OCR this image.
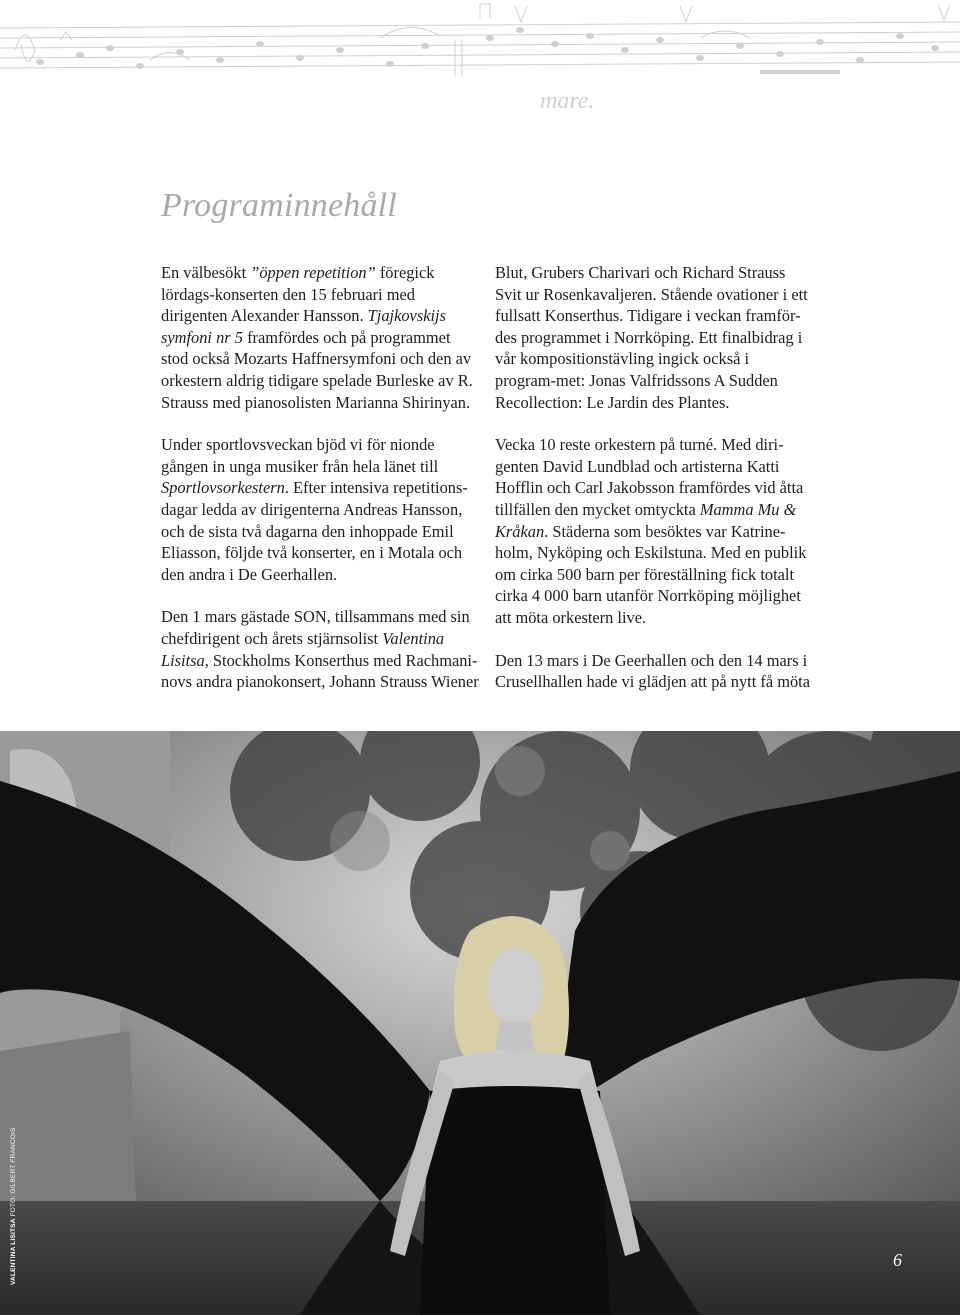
mare.
Programinnehåll

En välbesökt ”öppen repetition” föregick lördags-konserten den 15 februari med dirigenten Alexander Hansson. Tjajkovskijs symfoni nr 5 framfördes och på programmet stod också Mozarts Haffnersymfoni och den av orkestern aldrig tidigare spelade Burleske av R. Strauss med pianosolisten Marianna Shirinyan.

Under sportlovsveckan bjöd vi för nionde gången in unga musiker från hela länet till Sportlovsorkestern. Efter intensiva repetitions-dagar ledda av dirigenterna Andreas Hansson, och de sista två dagarna den inhoppade Emil Eliasson, följde två konserter, en i Motala och den andra i De Geerhallen.

Den 1 mars gästade SON, tillsammans med sin chefdirigent och årets stjärnsolist Valentina Lisitsa, Stockholms Konserthus med Rachmani-novs andra pianokonsert, Johann Strauss Wiener

Blut, Grubers Charivari och Richard Strauss Svit ur Rosenkavaljeren. Stående ovationer i ett fullsatt Konserthus. Tidigare i veckan framför-des programmet i Norrköping. Ett finalbidrag i vår kompositionstävling ingick också i program-met: Jonas Valfridssons A Sudden Recollection: Le Jardin des Plantes.

Vecka 10 reste orkestern på turné. Med diri-genten David Lundblad och artisterna Katti Hofflin och Carl Jakobsson framfördes vid åtta tillfällen den mycket omtyckta Mamma Mu & Kråkan. Städerna som besöktes var Katrine-holm, Nyköping och Eskilstuna. Med en publik om cirka 500 barn per föreställning fick totalt cirka 4 000 barn utanför Norrköping möjlighet att möta orkestern live.

Den 13 mars i De Geerhallen och den 14 mars i Crusellhallen hade vi glädjen att på nytt få möta

VALENTINA LISITSA FOTO: GILBERT FRANCOIS
6
